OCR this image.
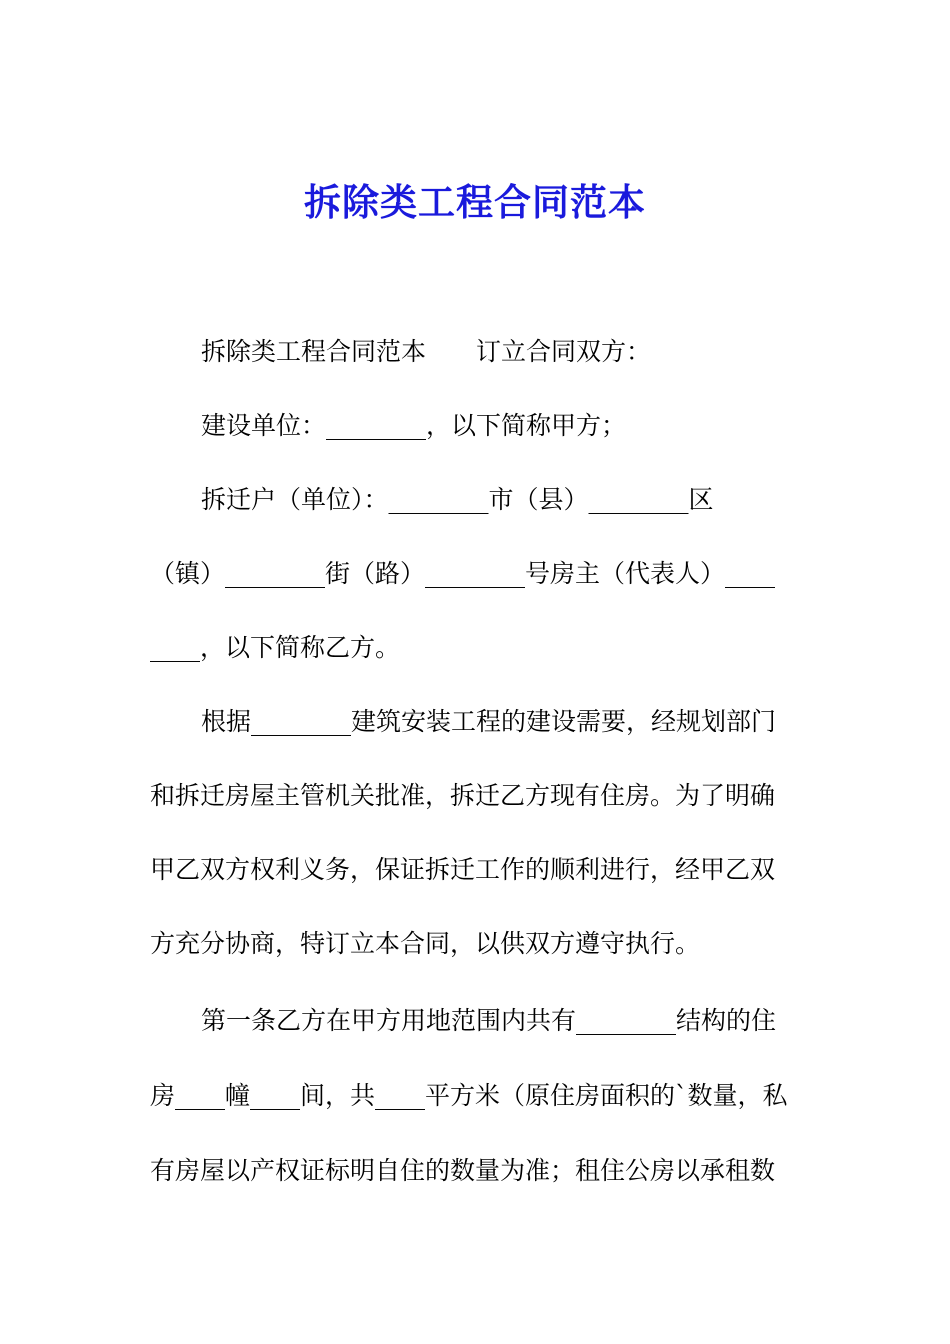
拆除类工程合同范本

拆除类工程合同范本　　订立合同双方：

建设单位：________，以下简称甲方；

拆迁户（单位）：________市（县）________区

（镇）________街（路）________号房主（代表人）____

____，以下简称乙方。

根据________建筑安装工程的建设需要，经规划部门

和拆迁房屋主管机关批准，拆迁乙方现有住房。为了明确

甲乙双方权利义务，保证拆迁工作的顺利进行，经甲乙双

方充分协商，特订立本合同，以供双方遵守执行。

第一条乙方在甲方用地范围内共有________结构的住

房____幢____间，共____平方米（原住房面积的`数量，私

有房屋以产权证标明自住的数量为准；租住公房以承租数
